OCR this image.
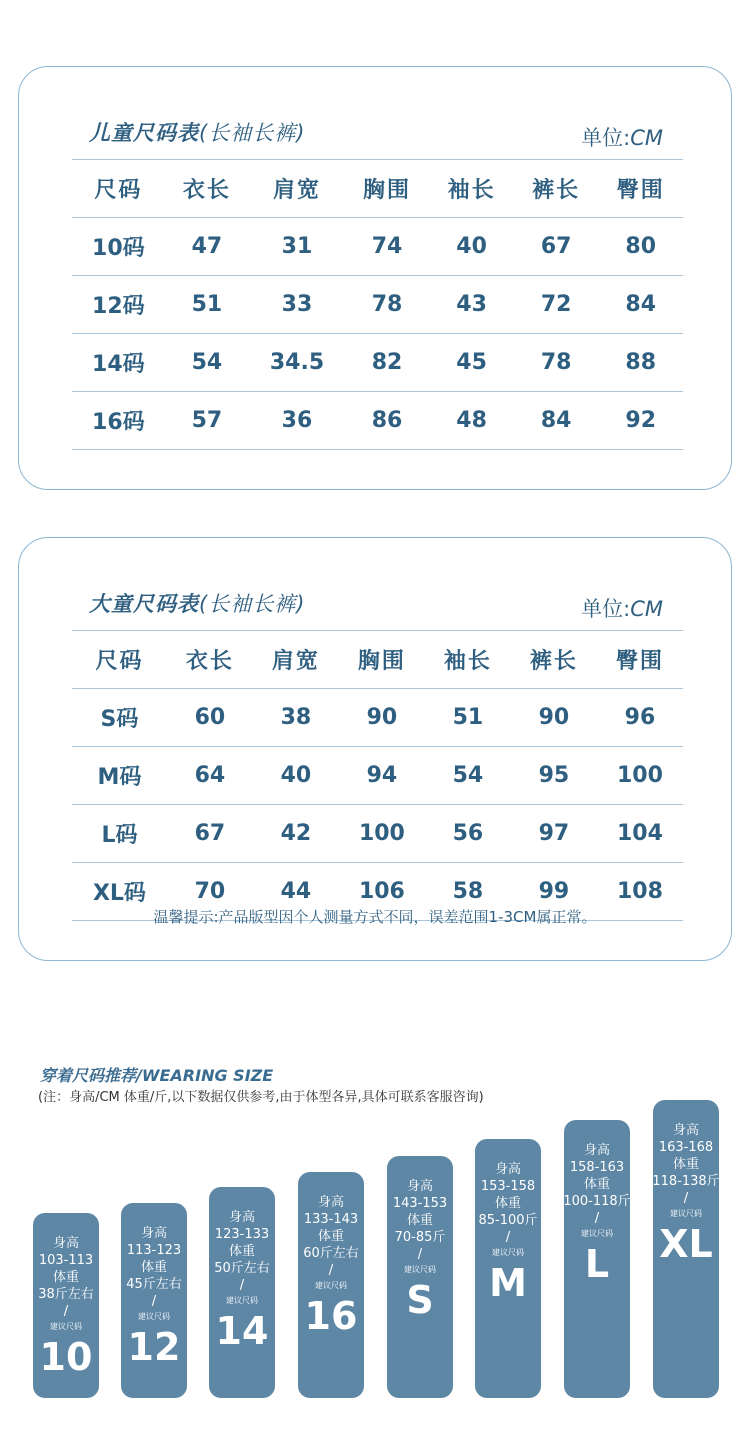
儿童尺码表(长袖长裤)	单位:CM
尺码	衣长	肩宽	胸围	袖长	裤长	臀围
10码	47	31	74	40	67	80
12码	51	33	78	43	72	84
14码	54	34.5	82	45	78	88
16码	57	36	86	48	84	92
大童尺码表(长袖长裤)	单位:CM
尺码	衣长	肩宽	胸围	袖长	裤长	臀围
S码	60	38	90	51	90	96
M码	64	40	94	54	95	100
L码	67	42	100	56	97	104
XL码	70	44	106	58	99	108
温馨提示:产品版型因个人测量方式不同，误差范围1-3CM属正常。
穿着尺码推荐/WEARING SIZE
(注：身高/CM 体重/斤,以下数据仅供参考,由于体型各异,具体可联系客服咨询)
身高
103-113
体重
38斤左右
/
建议尺码
10
身高
113-123
体重
45斤左右
/
建议尺码
12
身高
123-133
体重
50斤左右
/
建议尺码
14
身高
133-143
体重
60斤左右
/
建议尺码
16
身高
143-153
体重
70-85斤
/
建议尺码
S
身高
153-158
体重
85-100斤
/
建议尺码
M
身高
158-163
体重
100-118斤
/
建议尺码
L
身高
163-168
体重
118-138斤
/
建议尺码
XL
